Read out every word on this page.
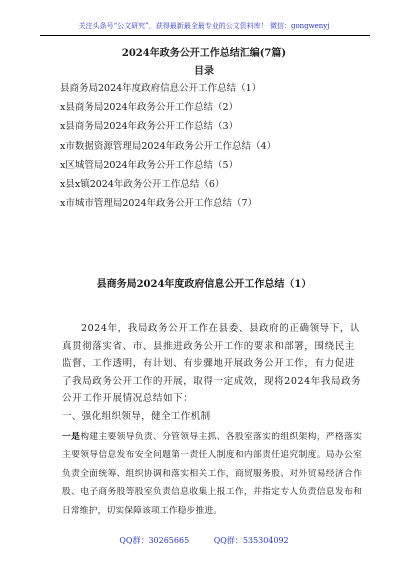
关注头条号“公文研究”，获得最新最全最专业的公文资料库！ 微信：gongwenyj
2024年政务公开工作总结汇编(7篇)
目录
县商务局2024年度政府信息公开工作总结（1）
x县商务局2024年政务公开工作总结（2）
x县商务局2024年政务公开工作总结（3）
x市数据资源管理局2024年政务公开工作总结（4）
x区城管局2024年政务公开工作总结（5）
x县x镇2024年政务公开工作总结（6）
x市城市管理局2024年政务公开工作总结（7）
县商务局2024年度政府信息公开工作总结（1）

2024年，我局政务公开工作在县委、县政府的正确领导下，认真贯彻落实省、市、县推进政务公开工作的要求和部署，围绕民主监督、工作透明，有计划、有步骤地开展政务公开工作，有力促进了我局政务公开工作的开展，取得一定成效，现将2024年我局政务公开工作开展情况总结如下：

一、强化组织领导，健全工作机制

一是构建主要领导负责、分管领导主抓、各股室落实的组织架构，严格落实主要领导信息发布安全问题第一责任人制度和内部责任追究制度。局办公室负责全面统筹、组织协调和落实相关工作，商贸服务股、对外贸易经济合作股、电子商务股等股室负责信息收集上报工作，并指定专人负责信息发布和日常维护，切实保障该项工作稳步推进。

QQ群：30265665	QQ群：535304092
